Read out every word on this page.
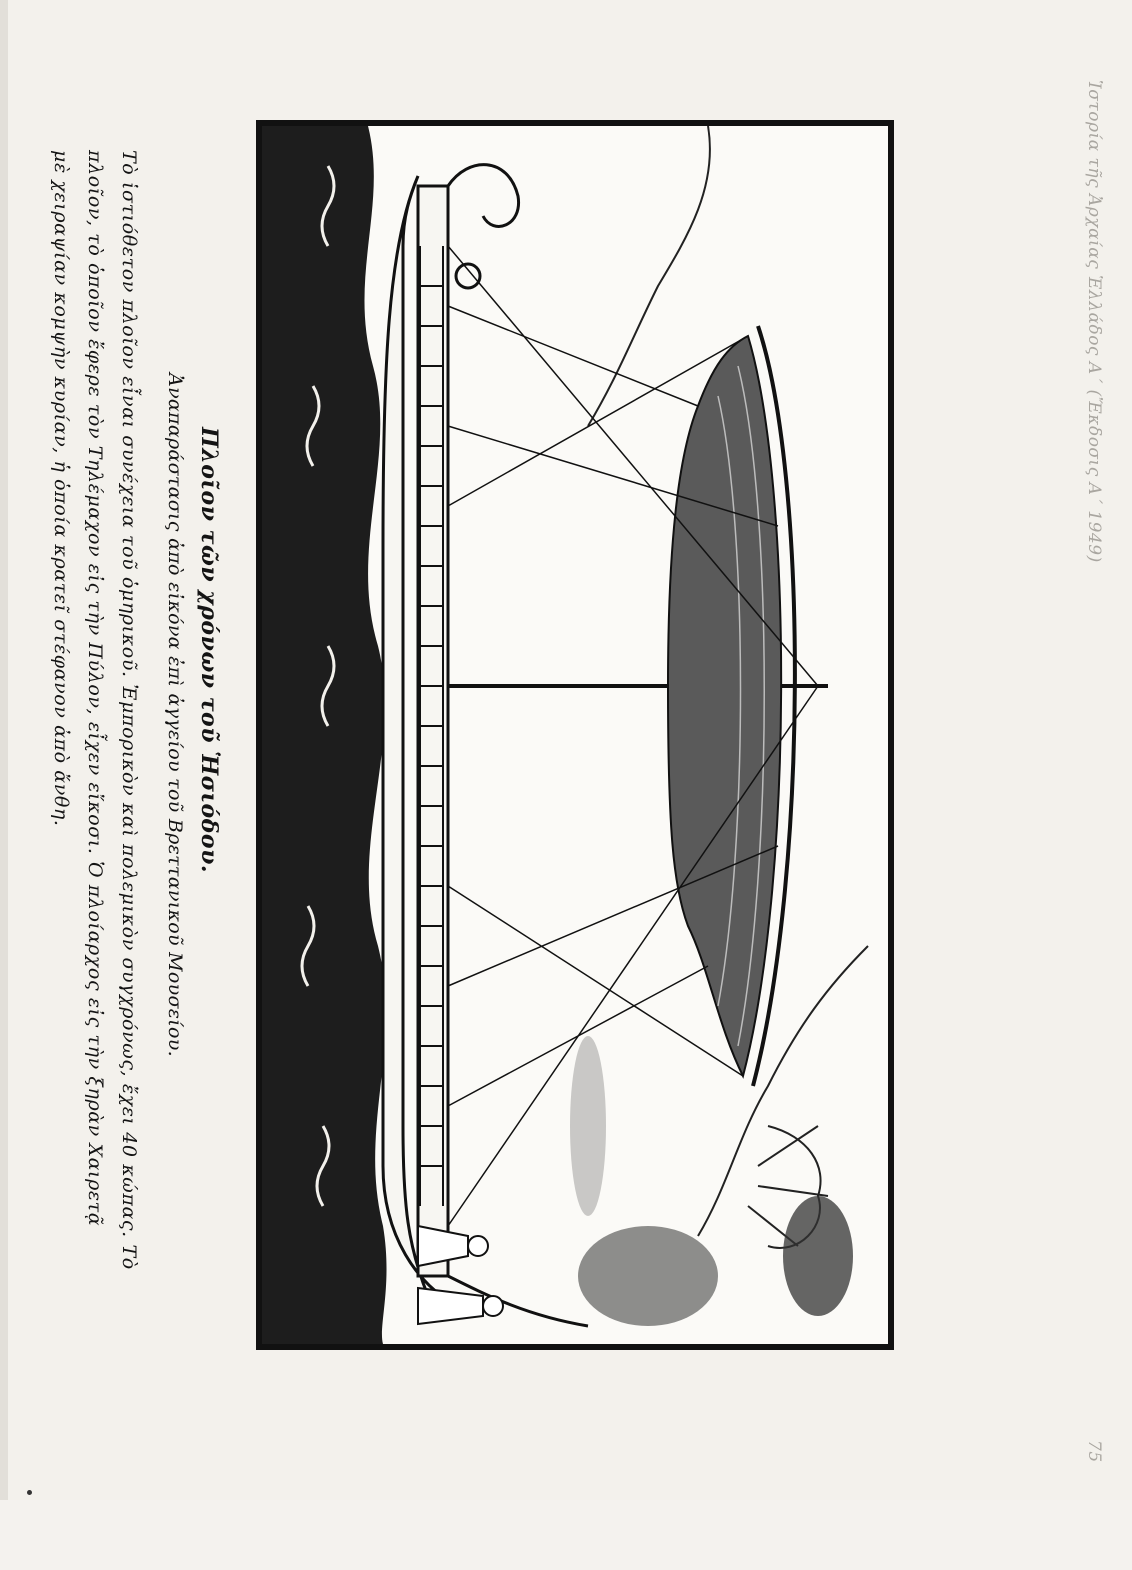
Ἱστορία τῆς Ἀρχαίας Ἑλλάδος Α΄ (Ἔκδοσις Α΄ 1949)
75
Πλοῖον τῶν χρόνων τοῦ Ἡσιόδου.
Ἀναπαράστασις ἀπὸ εἰκόνα ἐπὶ ἀγγείου τοῦ Βρεττανικοῦ Μουσείου.
Τὸ ἱστιόθετον πλοῖον εἶναι συνέχεια τοῦ ὁμηρικοῦ. Ἐμπορικὸν καὶ πολεμικὸν συγχρόνως, ἔχει 40 κώπας. Τὸ
πλοῖον, τὸ ὁποῖον ἔφερε τὸν Τηλέμαχον εἰς τὴν Πύλον, εἶχεν εἴκοσι. Ὁ πλοίαρχος εἰς τὴν ξηρὰν Χαιρετᾷ
μὲ χειραψίαν κομψὴν κυρίαν, ἡ ὁποία κρατεῖ στέφανον ἀπὸ ἄνθη.
